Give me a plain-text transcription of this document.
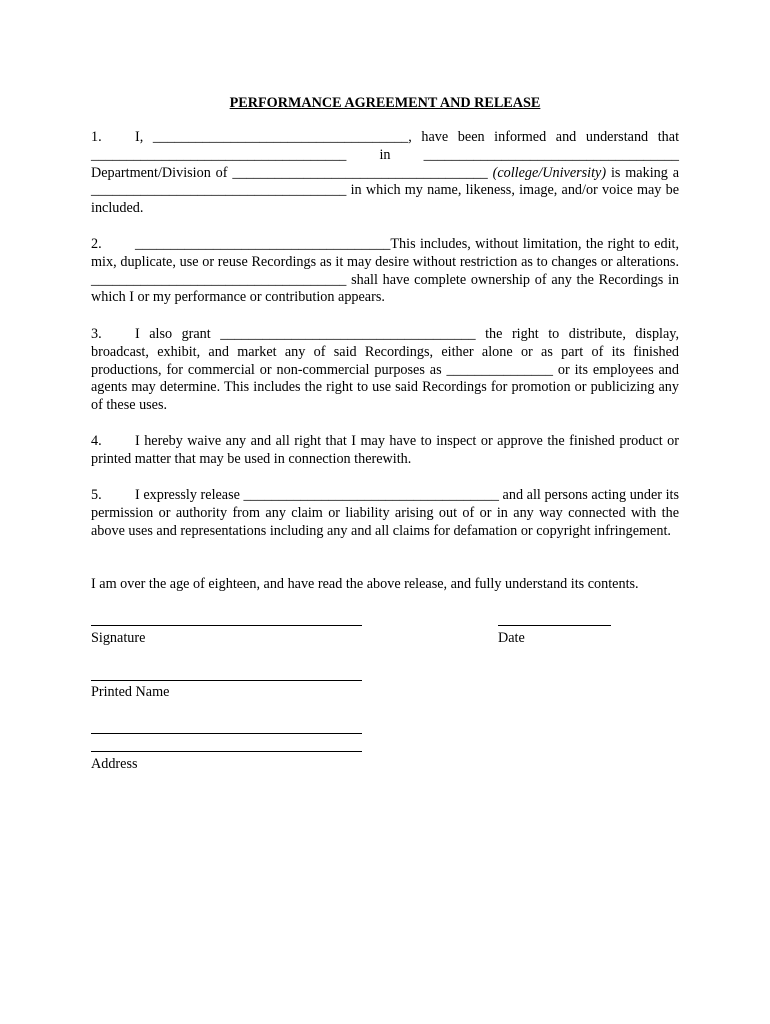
PERFORMANCE AGREEMENT AND RELEASE

1. I, ____________________________________, have been informed and understand that ____________________________________ in ____________________________________ Department/Division of ____________________________________ (college/University) is making a ____________________________________ in which my name, likeness, image, and/or voice may be included.

2. ____________________________________This includes, without limitation, the right to edit, mix, duplicate, use or reuse Recordings as it may desire without restriction as to changes or alterations. ____________________________________ shall have complete ownership of any the Recordings in which I or my performance or contribution appears.

3. I also grant ____________________________________ the right to distribute, display, broadcast, exhibit, and market any of said Recordings, either alone or as part of its finished productions, for commercial or non-commercial purposes as _______________ or its employees and agents may determine. This includes the right to use said Recordings for promotion or publicizing any of these uses.

4. I hereby waive any and all right that I may have to inspect or approve the finished product or printed matter that may be used in connection therewith.

5. I expressly release ____________________________________ and all persons acting under its permission or authority from any claim or liability arising out of or in any way connected with the above uses and representations including any and all claims for defamation or copyright infringement.

I am over the age of eighteen, and have read the above release, and fully understand its contents.

Signature	Date
Printed Name
Address
